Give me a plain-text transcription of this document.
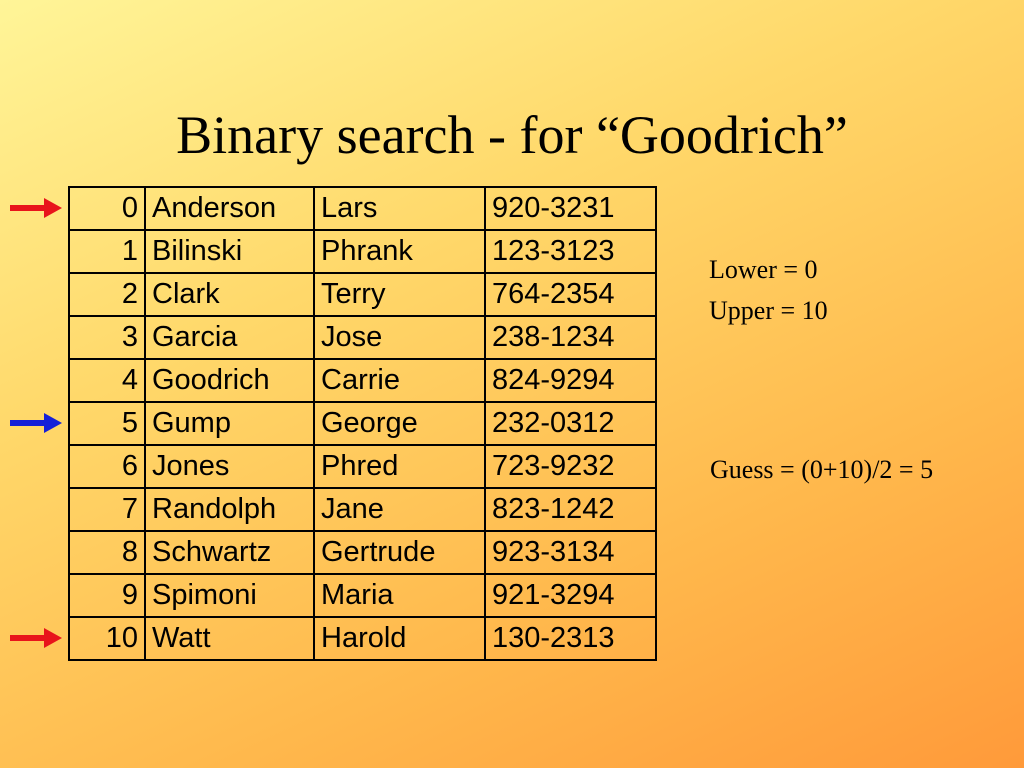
Binary search - for “Goodrich”
0	Anderson	Lars	920-3231
1	Bilinski	Phrank	123-3123
2	Clark	Terry	764-2354
3	Garcia	Jose	238-1234
4	Goodrich	Carrie	824-9294
5	Gump	George	232-0312
6	Jones	Phred	723-9232
7	Randolph	Jane	823-1242
8	Schwartz	Gertrude	923-3134
9	Spimoni	Maria	921-3294
10	Watt	Harold	130-2313
Lower = 0
Upper = 10
Guess = (0+10)/2 = 5
